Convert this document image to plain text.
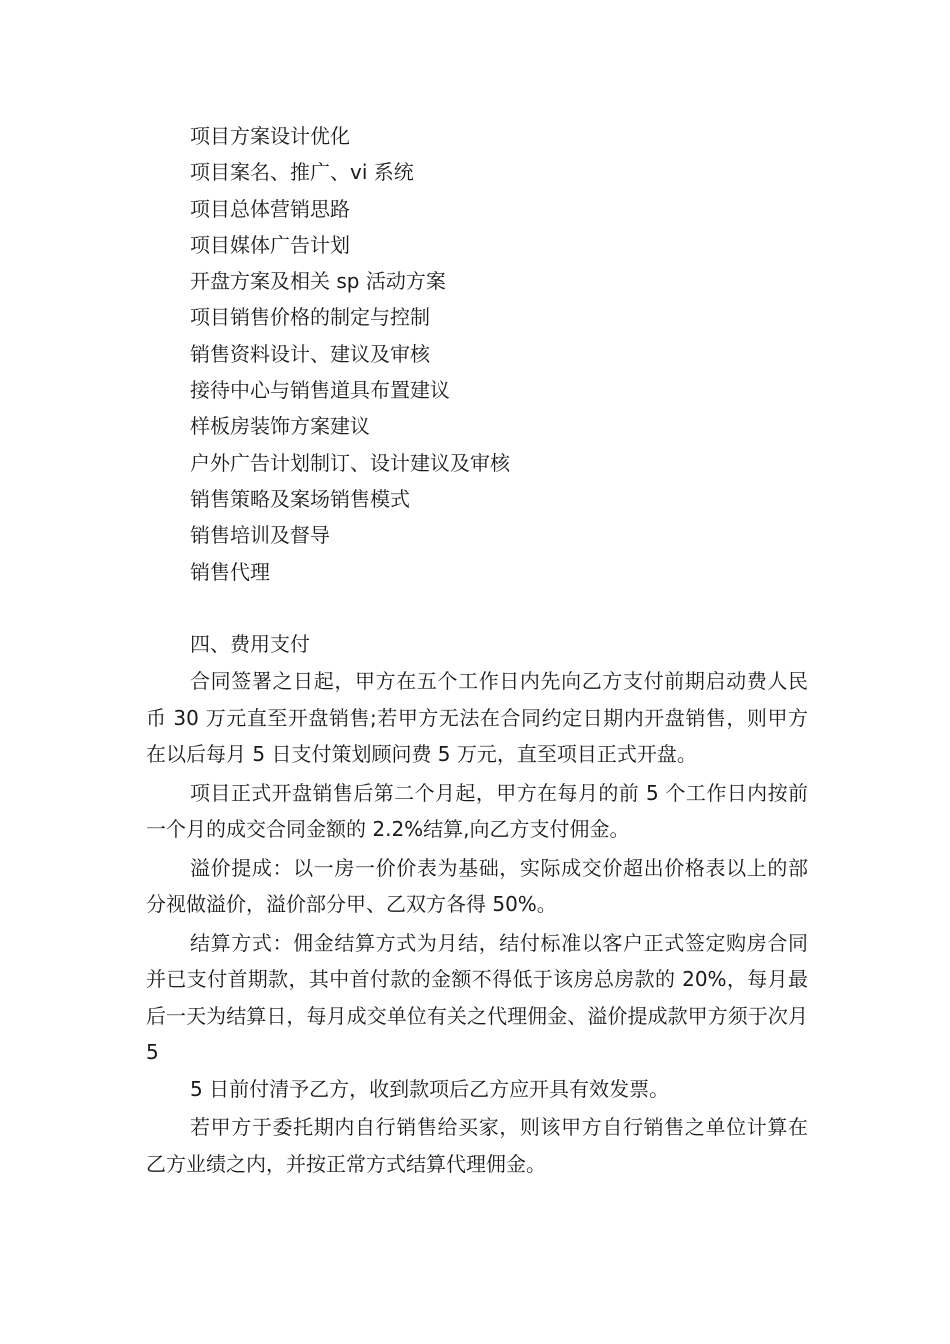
项目方案设计优化
项目案名、推广、vi 系统
项目总体营销思路
项目媒体广告计划
开盘方案及相关 sp 活动方案
项目销售价格的制定与控制
销售资料设计、建议及审核
接待中心与销售道具布置建议
样板房装饰方案建议
户外广告计划制订、设计建议及审核
销售策略及案场销售模式
销售培训及督导
销售代理
四、费用支付

合同签署之日起，甲方在五个工作日内先向乙方支付前期启动费人民币 30 万元直至开盘销售;若甲方无法在合同约定日期内开盘销售，则甲方在以后每月 5 日支付策划顾问费 5 万元，直至项目正式开盘。

项目正式开盘销售后第二个月起，甲方在每月的前 5 个工作日内按前一个月的成交合同金额的 2.2%结算,向乙方支付佣金。

溢价提成：以一房一价价表为基础，实际成交价超出价格表以上的部分视做溢价，溢价部分甲、乙双方各得 50%。

结算方式：佣金结算方式为月结，结付标准以客户正式签定购房合同并已支付首期款，其中首付款的金额不得低于该房总房款的 20%，每月最后一天为结算日，每月成交单位有关之代理佣金、溢价提成款甲方须于次月 5

5 日前付清予乙方，收到款项后乙方应开具有效发票。

若甲方于委托期内自行销售给买家，则该甲方自行销售之单位计算在乙方业绩之内，并按正常方式结算代理佣金。
